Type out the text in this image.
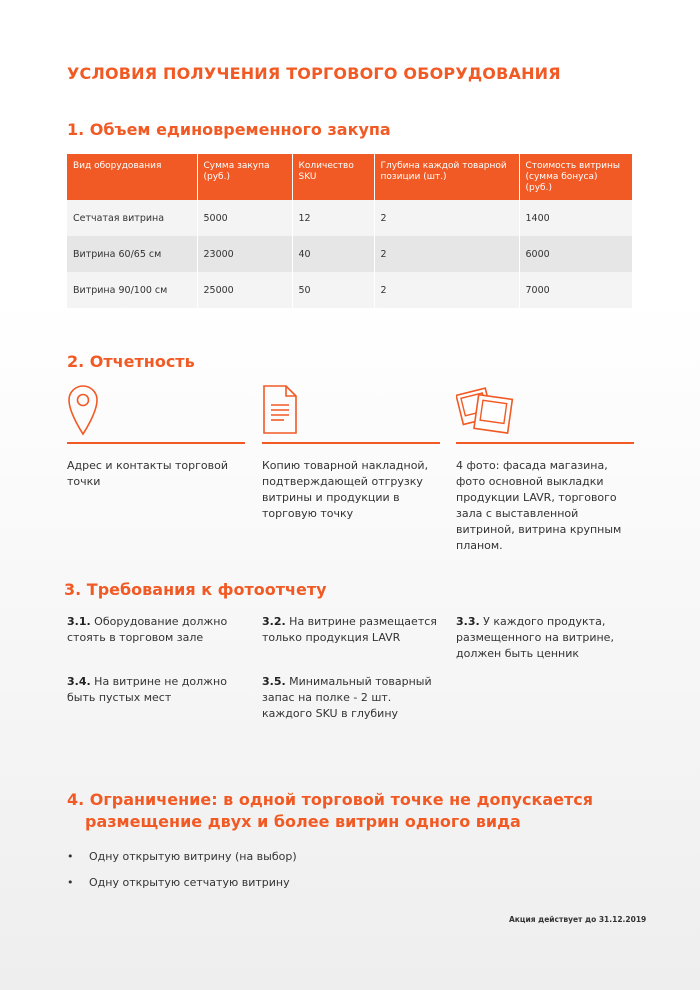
УСЛОВИЯ ПОЛУЧЕНИЯ ТОРГОВОГО ОБОРУДОВАНИЯ
1. Объем единовременного закупа
Вид оборудования	Сумма закупа (руб.)	Количество SKU	Глубина каждой товарной позиции (шт.)	Стоимость витрины (сумма бонуса) (руб.)
Сетчатая витрина	5000	12	2	1400
Витрина 60/65 см	23000	40	2	6000
Витрина 90/100 см	25000	50	2	7000
2. Отчетность
Адрес и контакты торговой точки
Копию товарной накладной, подтверждающей отгрузку витрины и продукции в торговую точку
4 фото: фасада магазина, фото основной выкладки продукции LAVR, торгового зала с выставленной витриной, витрина крупным планом.
3. Требования к фотоотчету
3.1. Оборудование должно стоять в торговом зале
3.2. На витрине размещается только продукция LAVR
3.3. У каждого продукта, размещенного на витрине, должен быть ценник
3.4. На витрине не должно быть пустых мест
3.5. Минимальный товарный запас на полке - 2 шт. каждого SKU в глубину
4. Ограничение: в одной торговой точке не допускается
размещение двух и более витрин одного вида
•	Одну открытую витрину (на выбор)
•	Одну открытую сетчатую витрину
Акция действует до 31.12.2019
